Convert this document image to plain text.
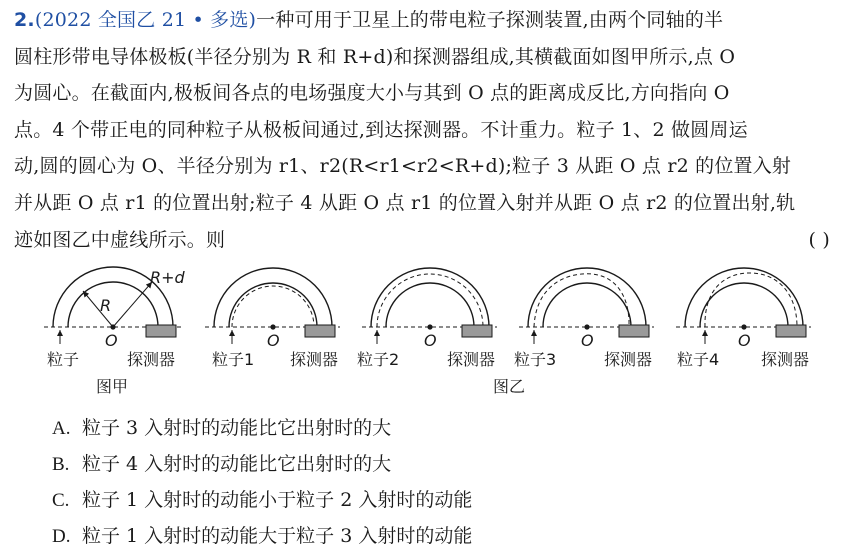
2.(2022 全国乙 21 • 多选)一种可用于卫星上的带电粒子探测装置,由两个同轴的半
圆柱形带电导体极板(半径分别为 R 和 R+d)和探测器组成,其横截面如图甲所示,点 O
为圆心。在截面内,极板间各点的电场强度大小与其到 O 点的距离成反比,方向指向 O
点。4 个带正电的同种粒子从极板间通过,到达探测器。不计重力。粒子 1、2 做圆周运
动,圆的圆心为 O、半径分别为 r1、r2(R<r1<r2<R+d);粒子 3 从距 O 点 r2 的位置入射
并从距 O 点 r1 的位置出射;粒子 4 从距 O 点 r1 的位置入射并从距 O 点 r2 的位置出射,轨
迹如图乙中虚线所示。则	( )
R
R+d
O
粒子	探测器
图甲
O
粒子1 探测器
O
粒子2	探测器
O
粒子3	探测器
O
粒子4	探测器
图乙
A. 粒子 3 入射时的动能比它出射时的大
B. 粒子 4 入射时的动能比它出射时的大
C. 粒子 1 入射时的动能小于粒子 2 入射时的动能
D. 粒子 1 入射时的动能大于粒子 3 入射时的动能
